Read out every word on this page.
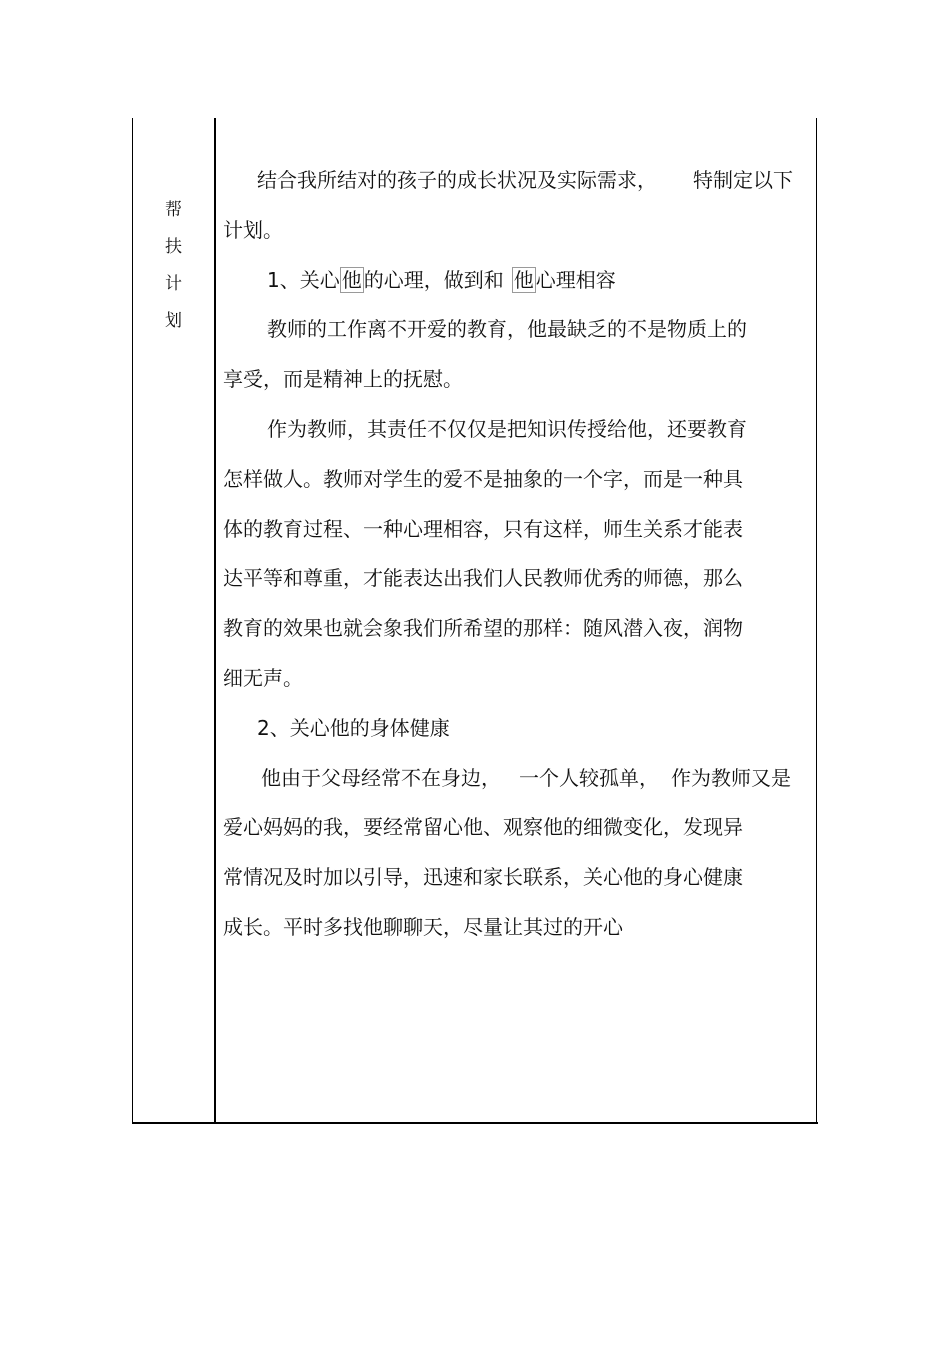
帮
扶
计
划
结合我所结对的孩子的成长状况及实际需求， 特制定以下
计划。
1、关心 他 的心理，做到和 他 心理相容
教师的工作离不开爱的教育，他最缺乏的不是物质上的
享受，而是精神上的抚慰。
作为教师，其责任不仅仅是把知识传授给他，还要教育
怎样做人。教师对学生的爱不是抽象的一个字，而是一种具
体的教育过程、一种心理相容，只有这样，师生关系才能表
达平等和尊重，才能表达出我们人民教师优秀的师德，那么
教育的效果也就会象我们所希望的那样：随风潜入夜，润物
细无声。
2、关心他的身体健康
他由于父母经常不在身边， 一个人较孤单， 作为教师又是
爱心妈妈的我，要经常留心他、观察他的细微变化，发现异
常情况及时加以引导，迅速和家长联系，关心他的身心健康
成长。平时多找他聊聊天，尽量让其过的开心
